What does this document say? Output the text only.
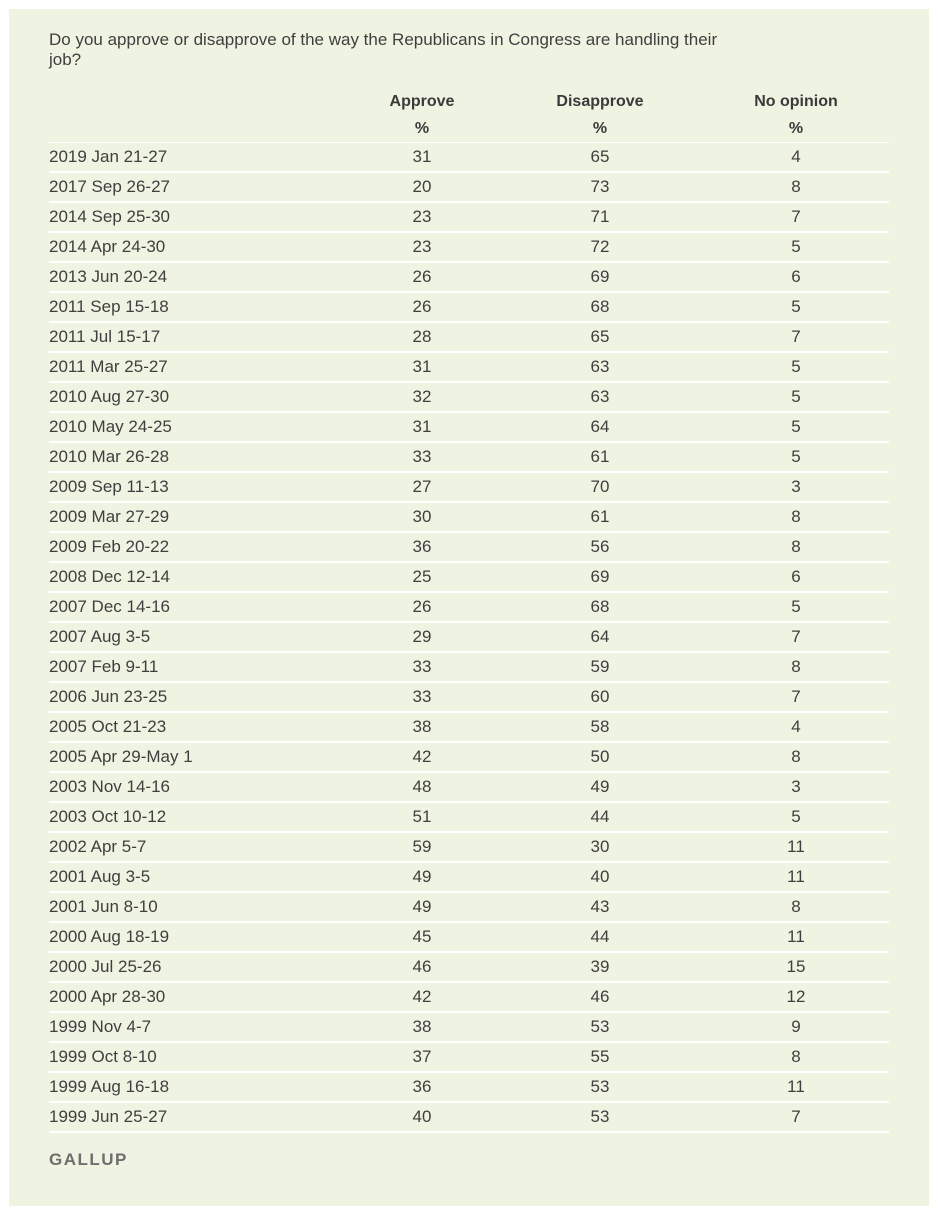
Do you approve or disapprove of the way the Republicans in Congress are handling their job?
Approve	Disapprove	No opinion
%	%	%
2019 Jan 21-27	31	65	4
2017 Sep 26-27	20	73	8
2014 Sep 25-30	23	71	7
2014 Apr 24-30	23	72	5
2013 Jun 20-24	26	69	6
2011 Sep 15-18	26	68	5
2011 Jul 15-17	28	65	7
2011 Mar 25-27	31	63	5
2010 Aug 27-30	32	63	5
2010 May 24-25	31	64	5
2010 Mar 26-28	33	61	5
2009 Sep 11-13	27	70	3
2009 Mar 27-29	30	61	8
2009 Feb 20-22	36	56	8
2008 Dec 12-14	25	69	6
2007 Dec 14-16	26	68	5
2007 Aug 3-5	29	64	7
2007 Feb 9-11	33	59	8
2006 Jun 23-25	33	60	7
2005 Oct 21-23	38	58	4
2005 Apr 29-May 1	42	50	8
2003 Nov 14-16	48	49	3
2003 Oct 10-12	51	44	5
2002 Apr 5-7	59	30	11
2001 Aug 3-5	49	40	11
2001 Jun 8-10	49	43	8
2000 Aug 18-19	45	44	11
2000 Jul 25-26	46	39	15
2000 Apr 28-30	42	46	12
1999 Nov 4-7	38	53	9
1999 Oct 8-10	37	55	8
1999 Aug 16-18	36	53	11
1999 Jun 25-27	40	53	7
GALLUP
